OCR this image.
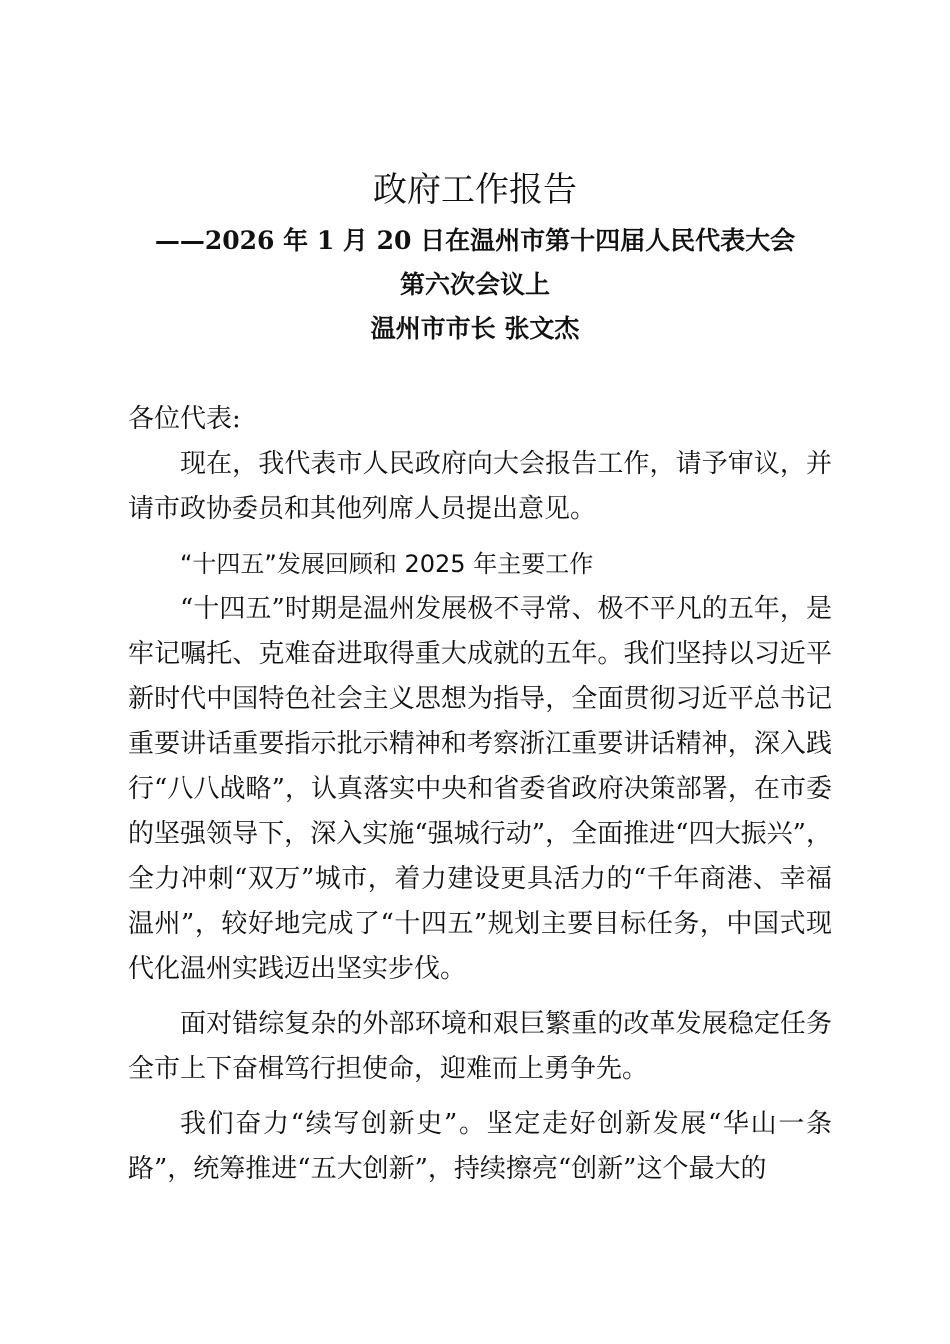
政府工作报告
——2026 年 1 月 20 日在温州市第十四届人民代表大会
第六次会议上
温州市市长 张文杰

各位代表:

现在，我代表市人民政府向大会报告工作，请予审议，并请市政协委员和其他列席人员提出意见。

“十四五”发展回顾和 2025 年主要工作

“十四五”时期是温州发展极不寻常、极不平凡的五年，是牢记嘱托、克难奋进取得重大成就的五年。我们坚持以习近平新时代中国特色社会主义思想为指导，全面贯彻习近平总书记重要讲话重要指示批示精神和考察浙江重要讲话精神，深入践行“八八战略”，认真落实中央和省委省政府决策部署，在市委的坚强领导下，深入实施“强城行动”，全面推进“四大振兴”，全力冲刺“双万”城市，着力建设更具活力的“千年商港、幸福温州”，较好地完成了“十四五”规划主要目标任务，中国式现代化温州实践迈出坚实步伐。

面对错综复杂的外部环境和艰巨繁重的改革发展稳定任务全市上下奋楫笃行担使命，迎难而上勇争先。

我们奋力“续写创新史”。坚定走好创新发展“华山一条路”，统筹推进“五大创新”，持续擦亮“创新”这个最大的
